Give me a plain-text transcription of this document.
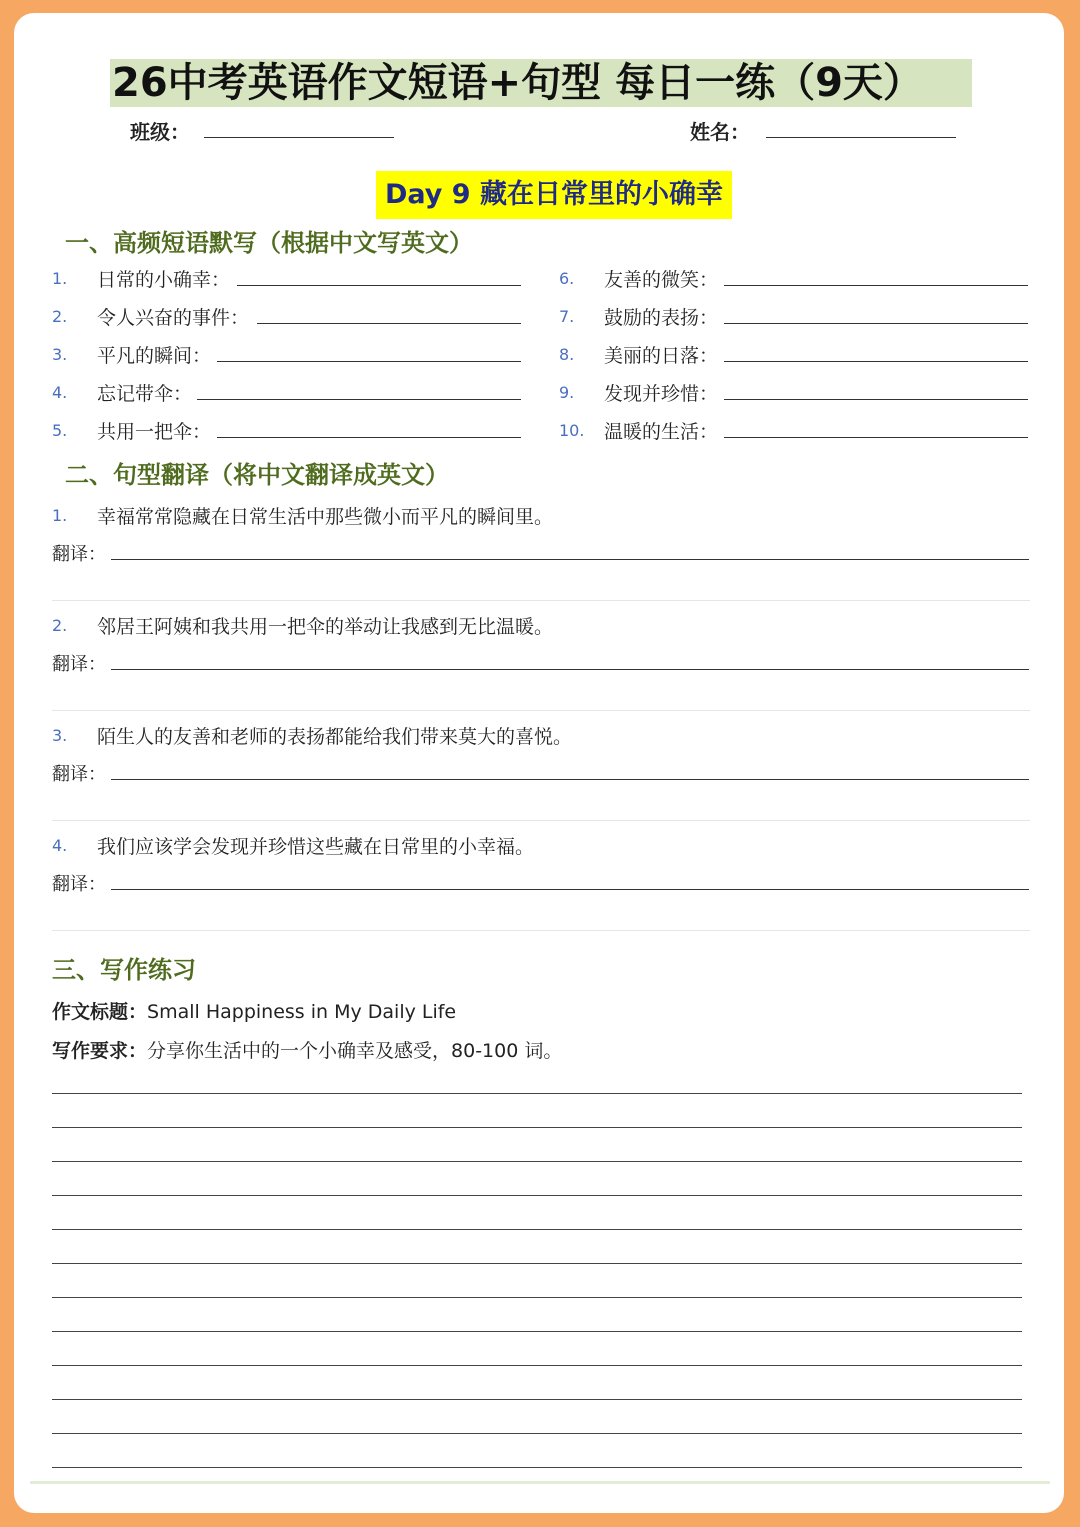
26中考英语作文短语+句型 每日一练（9天）
班级：	姓名：
Day 9 藏在日常里的小确幸
一、高频短语默写（根据中文写英文）
1. 日常的小确幸：
2. 令人兴奋的事件：
3. 平凡的瞬间：
4. 忘记带伞：
5. 共用一把伞：
6. 友善的微笑：
7. 鼓励的表扬：
8. 美丽的日落：
9. 发现并珍惜：
10. 温暖的生活：
二、句型翻译（将中文翻译成英文）
1. 幸福常常隐藏在日常生活中那些微小而平凡的瞬间里。
翻译：
2. 邻居王阿姨和我共用一把伞的举动让我感到无比温暖。
翻译：
3. 陌生人的友善和老师的表扬都能给我们带来莫大的喜悦。
翻译：
4. 我们应该学会发现并珍惜这些藏在日常里的小幸福。
翻译：
三、写作练习
作文标题：Small Happiness in My Daily Life
写作要求：分享你生活中的一个小确幸及感受，80-100 词。
